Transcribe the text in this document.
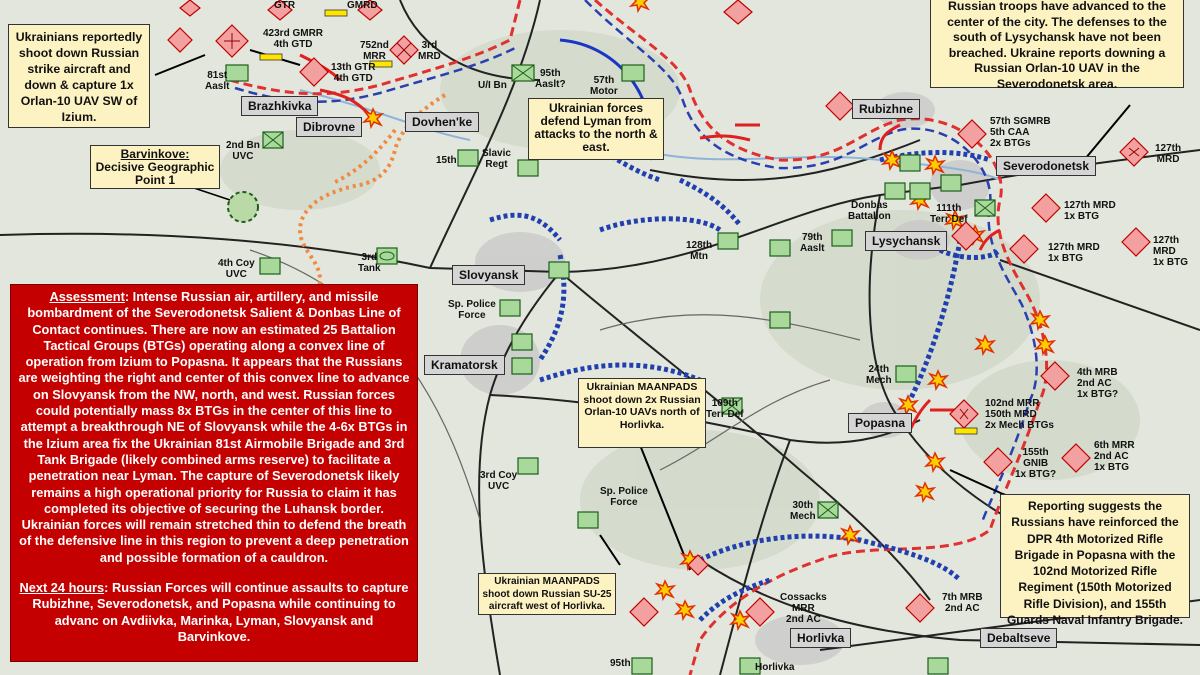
Ukrainians reportedly shoot down Russian strike aircraft and down & capture 1x Orlan-10 UAV SW of Izium.
Barvinkove:
Decisive Geographic
Point 1
Ukrainian forces defend Lyman from attacks to the north & east.
Russian troops have advanced to the center of the city. The defenses to the south of Lysychansk have not been breached. Ukraine reports downing a Russian Orlan-10 UAV in the Severodonetsk area.
Ukrainian MAANPADS shoot down 2x Russian Orlan-10 UAVs north of Horlivka.
Ukrainian MAANPADS shoot down Russian SU-25 aircraft west of Horlivka.
Reporting suggests the Russians have reinforced the DPR 4th Motorized Rifle Brigade in Popasna with the 102nd Motorized Rifle Regiment (150th Motorized Rifle Division), and 155th Guards Naval Infantry Brigade.

Assessment: Intense Russian air, artillery, and missile bombardment of the Severodonetsk Salient & Donbas Line of Contact continues. There are now an estimated 25 Battalion Tactical Groups (BTGs) operating along a convex line of operation from Izium to Popasna. It appears that the Russians are weighting the right and center of this convex line to advance on Slovyansk from the NW, north, and west. Russian forces could potentially mass 8x BTGs in the center of this line to attempt a breakthrough NE of Slovyansk while the 4-6x BTGs in the Izium area fix the Ukrainian 81st Airmobile Brigade and 3rd Tank Brigade (likely combined arms reserve) to facilitate a penetration near Lyman. The capture of Severodonetsk likely remains a high operational priority for Russia to claim it has completed its objective of securing the Luhansk border. Ukrainian forces will remain stretched thin to defend the breath of the defensive line in this region to prevent a deep penetration and possible formation of a cauldron.

Next 24 hours: Russian Forces will continue assaults to capture Rubizhne, Severodonetsk, and Popasna while continuing to advanc on Avdiivka, Marinka, Lyman, Slovyansk and Barvinkove.

Brazhkivka
Dibrovne	Dovhen'ke
Rubizhne
Severodonetsk
Lysychansk
Slovyansk
Kramatorsk
Popasna
Horlivka	Debaltseve
GTR	GMRD
423rd GMRR
4th GTD	752nd
MRR
3rd
MRD
13th GTR
4th GTD
81st
Aaslt
2nd Bn
UVC
U/I Bn
95th
Aaslt?	57th
Motor
15th
Slavic
Regt
57th SGMRB
5th CAA
2x BTGs	127th
MRD
Donbas
Battalion
111th
Terr Def
127th MRD
1x BTG
127th MRD
1x BTG
127th MRD
1x BTG
128th
Mtn
79th
Aaslt
3rd
Tank
4th Coy
UVC
Sp. Police
Force
24th
Mech
4th MRB
2nd AC
1x BTG?
102nd MRR
150th MRD
2x Mech BTGs
109th
Terr Def
155th
GNIB
1x BTG?
6th MRR
2nd AC
1x BTG
3rd Coy
UVC	Sp. Police
Force	30th
Mech
Cossacks
MRR
2nd AC
7th MRB
2nd AC
95th	Horlivka
